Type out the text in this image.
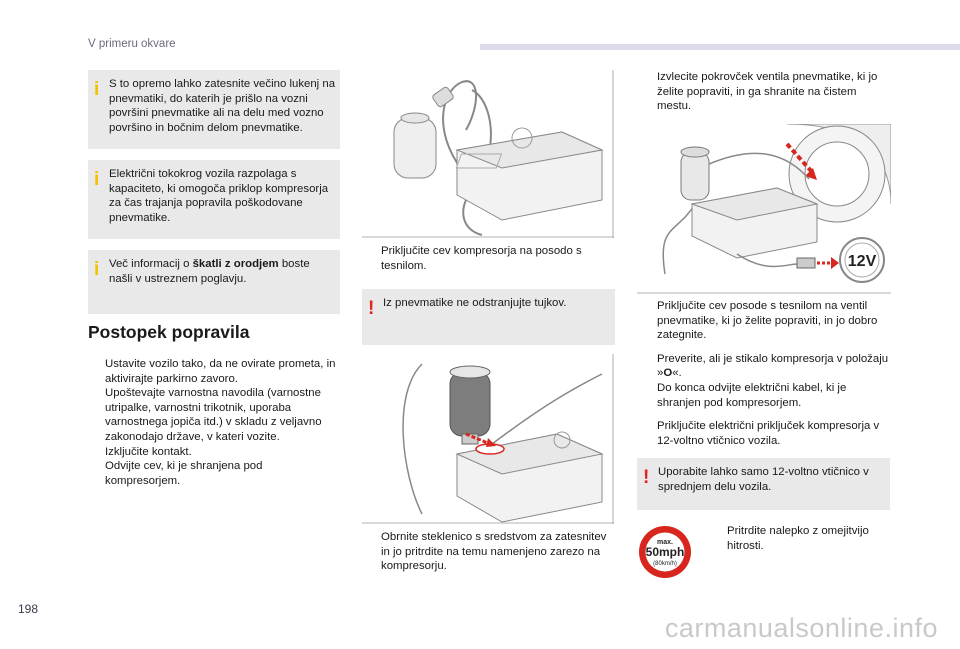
V primeru okvare
i S to opremo lahko zatesnite večino lukenj na pnevmatiki, do katerih je prišlo na vozni površini pnevmatike ali na delu med vozno površino in bočnim delom pnevmatike.
i Električni tokokrog vozila razpolaga s kapaciteto, ki omogoča priklop kompresorja za čas trajanja popravila poškodovane pnevmatike.
i Več informacij o škatli z orodjem boste našli v ustreznem poglavju.
Postopek popravila
Ustavite vozilo tako, da ne ovirate prometa, in aktivirajte parkirno zavoro.
Upoštevajte varnostna navodila (varnostne utripalke, varnostni trikotnik, uporaba varnostnega jopiča itd.) v skladu z veljavno zakonodajo države, v kateri vozite.
Izključite kontakt.
Odvijte cev, ki je shranjena pod kompresorjem.
Priključite cev kompresorja na posodo s tesnilom.
! Iz pnevmatike ne odstranjujte tujkov.
Obrnite steklenico s sredstvom za zatesnitev in jo pritrdite na temu namenjeno zarezo na kompresorju.
Izvlecite pokrovček ventila pnevmatike, ki jo želite popraviti, in ga shranite na čistem mestu.
12V
Priključite cev posode s tesnilom na ventil pnevmatike, ki jo želite popraviti, in jo dobro zategnite.
Preverite, ali je stikalo kompresorja v položaju »O«.
Do konca odvijte električni kabel, ki je shranjen pod kompresorjem.
Priključite električni priključek kompresorja v 12-voltno vtičnico vozila.
! Uporabite lahko samo 12-voltno vtičnico v sprednjem delu vozila.
max.
50mph
(80km/h)
Pritrdite nalepko z omejitvijo hitrosti.
198
carmanualsonline.info
